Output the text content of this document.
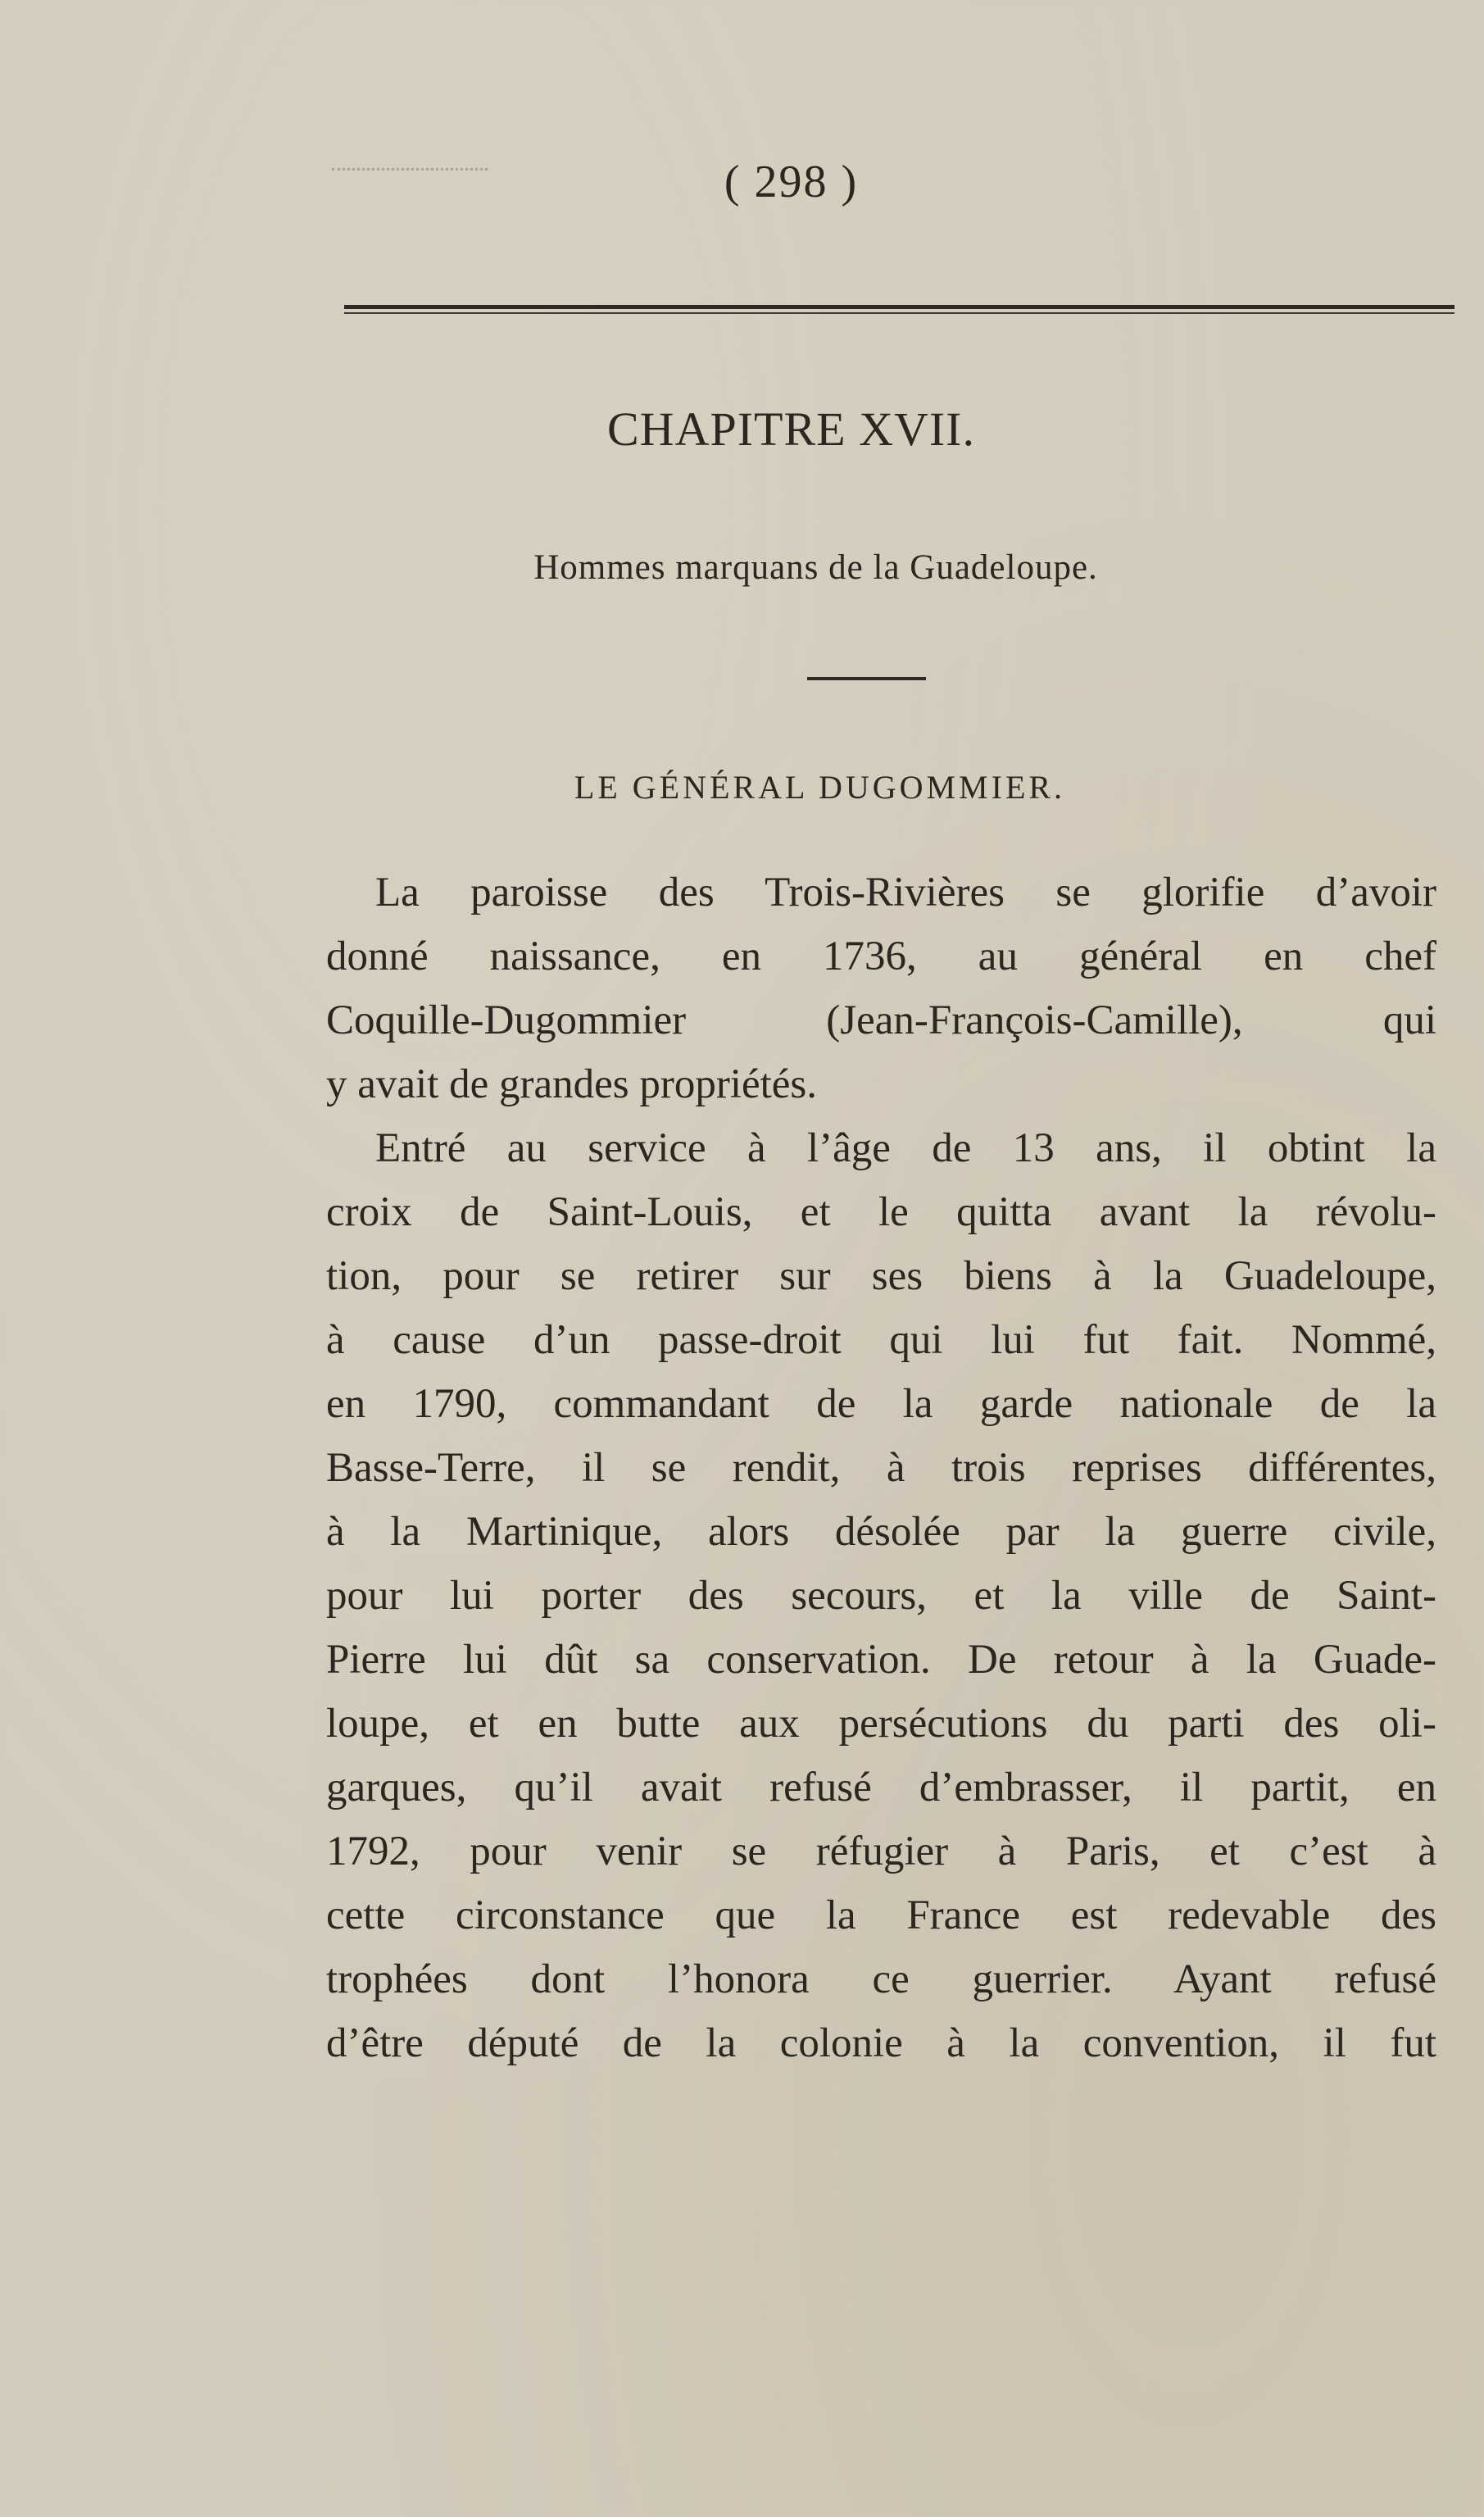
( 298 )
CHAPITRE XVII.
Hommes marquans de la Guadeloupe.
LE GÉNÉRAL DUGOMMIER.
La paroisse des Trois-Rivières se glorifie d’avoir
donné naissance, en 1736, au général en chef
Coquille-Dugommier (Jean-François-Camille), qui
y avait de grandes propriétés.
Entré au service à l’âge de 13 ans, il obtint la
croix de Saint-Louis, et le quitta avant la révolu-
tion, pour se retirer sur ses biens à la Guadeloupe,
à cause d’un passe-droit qui lui fut fait. Nommé,
en 1790, commandant de la garde nationale de la
Basse-Terre, il se rendit, à trois reprises différentes,
à la Martinique, alors désolée par la guerre civile,
pour lui porter des secours, et la ville de Saint-
Pierre lui dût sa conservation. De retour à la Guade-
loupe, et en butte aux persécutions du parti des oli-
garques, qu’il avait refusé d’embrasser, il partit, en
1792, pour venir se réfugier à Paris, et c’est à
cette circonstance que la France est redevable des
trophées dont l’honora ce guerrier. Ayant refusé
d’être député de la colonie à la convention, il fut
